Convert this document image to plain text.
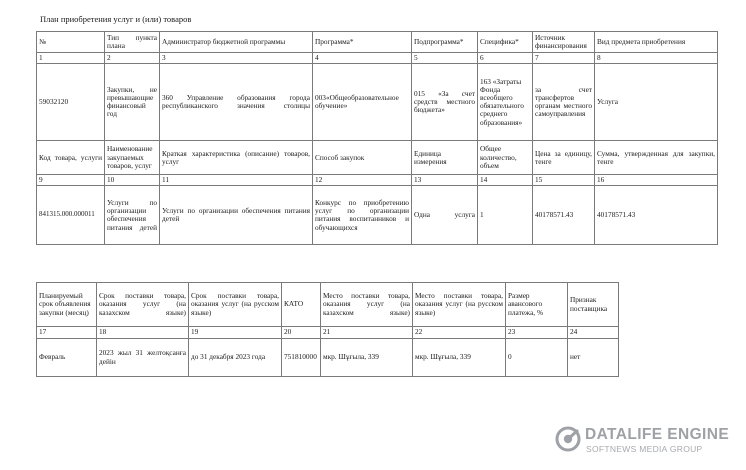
План приобретения услуг и (или) товаров
№	Тип пункта плана	Администратор бюджетной программы	Программа*	Подпрограмма*	Специфика*	Источник финансирования	Вид предмета приобретения
1	2	3	4	5	6	7	8
59032120	Закупки, не превышающие финансовый год	360 Управление образования города республиканского значения столицы	003«Общеобразовательное обучение»	015 «За счет средств местного бюджета»	163 «Затраты Фонда всеобщего обязательного среднего образования»	за счет трансфертов органам местного самоуправления	Услуга
Код товара, услуги	Наименование закупаемых товаров, услуг	Краткая характеристика (описание) товаров, услуг	Способ закупок	Единица измерения	Общее количество, объем	Цена за единицу, тенге	Сумма, утвержденная для закупки, тенге
9	10	11	12	13	14	15	16
841315.000.000011	Услуги по организации обеспечения питания детей	Услуги по организации обеспечения питания детей	Конкурс по приобретению услуг по организации питания воспитанников и обучающихся	Одна услуга	1	40178571.43	40178571.43
Планируемый срок объявления закупки (месяц)	Срок поставки товара, оказания услуг (на казахском языке)	Срок поставки товара, оказания услуг (на русском языке)	КАТО	Место поставки товара, оказания услуг (на казахском языке)	Место поставки товара, оказания услуг (на русском языке)	Размер авансового платежа, %	Признак поставщика
17	18	19	20	21	22	23	24
Февраль	2023 жыл 31 желтоқсанға дейін	до 31 декабря 2023 года	751810000	мкр. Шұғыла, 339	мкр. Шұғыла, 339	0	нет
DATALIFE ENGINE
SOFTNEWS MEDIA GROUP
